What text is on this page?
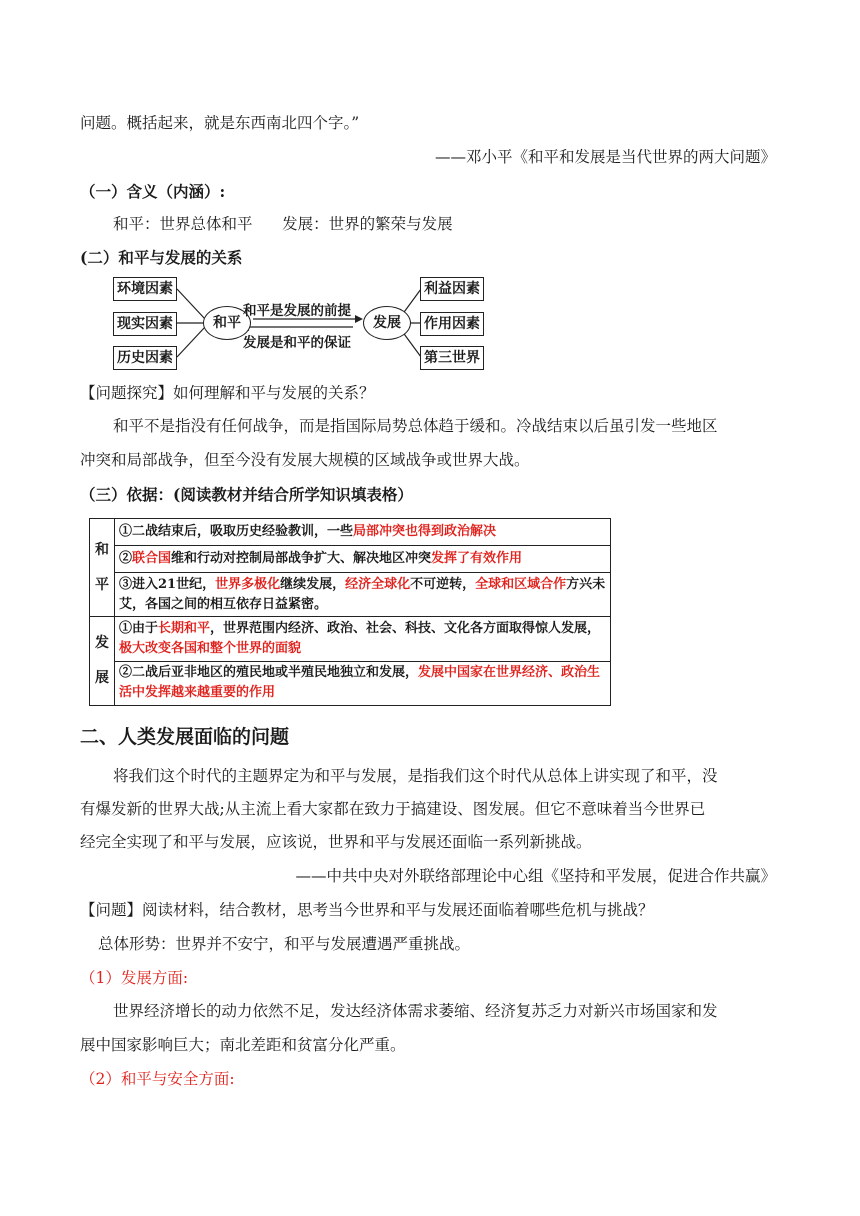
问题。概括起来，就是东西南北四个字。”
——邓小平《和平和发展是当代世界的两大问题》
（一）含义（内涵）:
和平：世界总体和平      发展：世界的繁荣与发展
(二）和平与发展的关系
环境因素
现实因素
历史因素
和平	发展
和平是发展的前提
发展是和平的保证
利益因素
作用因素
第三世界
【问题探究】如何理解和平与发展的关系？
和平不是指没有任何战争，而是指国际局势总体趋于缓和。冷战结束以后虽引发一些地区
冲突和局部战争，但至今没有发展大规模的区域战争或世界大战。
（三）依据：(阅读教材并结合所学知识填表格）
和
平	①二战结束后，吸取历史经验教训，一些局部冲突也得到政治解决
	②联合国维和行动对控制局部战争扩大、解决地区冲突发挥了有效作用
	③进入21世纪，世界多极化继续发展，经济全球化不可逆转，全球和区域合作方兴未艾，各国之间的相互依存日益紧密。

发
展	①由于长期和平，世界范围内经济、政治、社会、科技、文化各方面取得惊人发展，极大改变各国和整个世界的面貌
	②二战后亚非地区的殖民地或半殖民地独立和发展，发展中国家在世界经济、政治生活中发挥越来越重要的作用
二、人类发展面临的问题
将我们这个时代的主题界定为和平与发展，是指我们这个时代从总体上讲实现了和平，没
有爆发新的世界大战;从主流上看大家都在致力于搞建设、图发展。但它不意味着当今世界已
经完全实现了和平与发展，应该说，世界和平与发展还面临一系列新挑战。
——中共中央对外联络部理论中心组《坚持和平发展，促进合作共赢》
【问题】阅读材料，结合教材，思考当今世界和平与发展还面临着哪些危机与挑战？
总体形势：世界并不安宁，和平与发展遭遇严重挑战。
（1）发展方面:
世界经济增长的动力依然不足，发达经济体需求萎缩、经济复苏乏力对新兴市场国家和发
展中国家影响巨大；南北差距和贫富分化严重。
（2）和平与安全方面:
